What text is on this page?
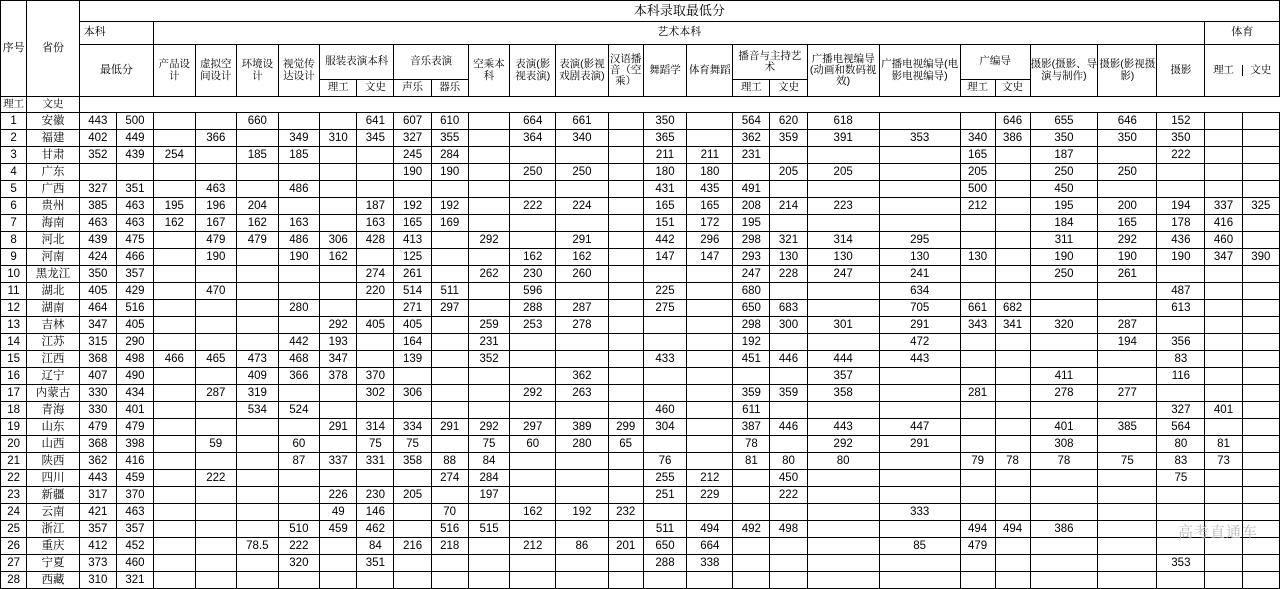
序号	省份	本科录取最低分																										
		本科		艺术本科																							体育	
		最低分		产品设计	虚拟空间设计	环境设计	视觉传达设计	服装表演本科		音乐表演		空乘本科	表演(影视表演)	表演(影视戏剧表演)	汉语播音（空乘）	舞蹈学	体育舞蹈	播音与主持艺术		广播电视编导(动画和数码视效)	广播电视编导(电影电视编导)	广编导		摄影(摄影、导演与制作)	摄影(影视摄影)	摄影	理工 文史	

								理工	文史	声乐	器乐							理工	文史			理工	文史					
理工	文史																											
1	安徽	443	500			660			641	607	610		664	661		350		564	620	618			646	655	646	152		
2	福建	402	449		366		349	310	345	327	355		364	340		365		362	359	391	353	340	386	350	350	350		
3	甘肃	352	439	254		185	185			245	284					211	211	231				165		187		222		
4	广东									190	190		250	250		180	180		205	205		205		250	250			
5	广西	327	351		463		486									431	435	491				500		450				
6	贵州	385	463	195	196	204			187	192	192		222	224		165	165	208	214	223		212		195	200	194	337	325
7	海南	463	463	162	167	162	163		163	165	169					151	172	195						184	165	178	416	
8	河北	439	475		479	479	486	306	428	413		292		291		442	296	298	321	314	295			311	292	436	460	
9	河南	424	466		190		190	162		125			162	162		147	147	293	130	130	130	130		190	190	190	347	390
10	黑龙江	350	357						274	261		262	230	260				247	228	247	241			250	261			
11	湖北	405	429		470				220	514	511		596			225		680			634					487		
12	湖南	464	516				280			271	297		288	287		275		650	683		705	661	682			613		
13	吉林	347	405					292	405	405		259	253	278				298	300	301	291	343	341	320	287			
14	江苏	315	290				442	193		164		231						192			472				194	356		
15	江西	368	498	466	465	473	468	347		139		352				433		451	446	444	443					83		
16	辽宁	407	490			409	366	378	370					362						357				411		116		
17	内蒙古	330	434		287	319			302	306			292	263				359	359	358		281		278	277			
18	青海	330	401			534	524									460		611								327	401	
19	山东	479	479					291	314	334	291	292	297	389	299	304		387	446	443	447			401	385	564		
20	山西	368	398		59		60		75	75		75	60	280	65			78		292	291			308		80	81	
21	陕西	362	416				87	337	331	358	88	84				76		81	80	80		79	78	78	75	83	73	
22	四川	443	459		222						274	284				255	212		450							75		
23	新疆	317	370					226	230	205		197				251	229		222									
24	云南	421	463					49	146		70		162	192	232						333							
25	浙江	357	357				510	459	462		516	515				511	494	492	498			494	494	386				
26	重庆	412	452			78.5	222		84	216	218		212	86	201	650	664				85	479						
27	宁夏	373	460				320		351							288	338									353		
28	西藏	310	321																									
高考直通车
